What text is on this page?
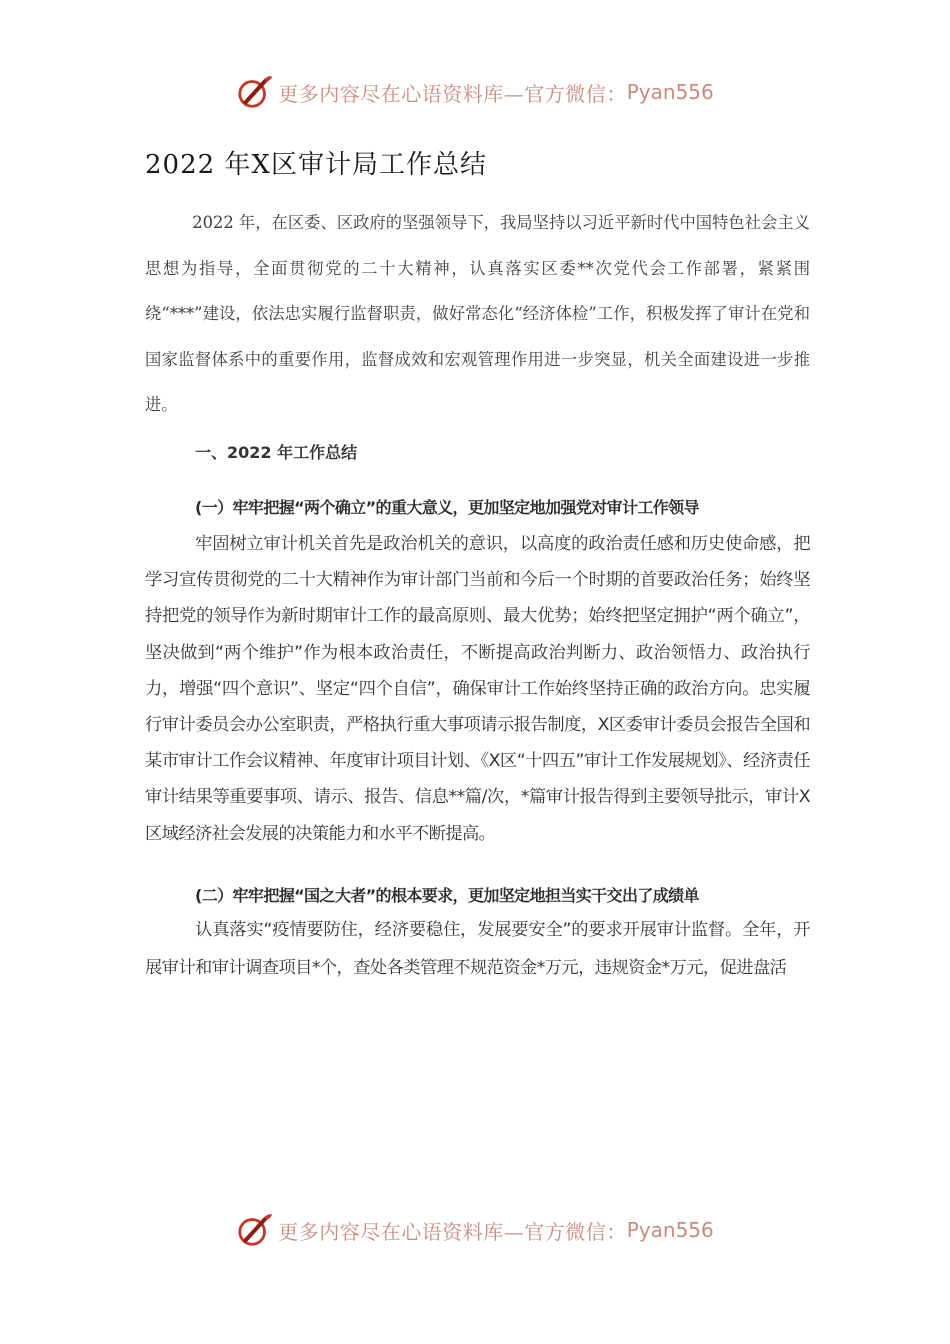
更多内容尽在心语资料库—官方微信： Pyan556
2022 年X区审计局工作总结

2022 年，在区委、区政府的坚强领导下，我局坚持以习近平新时代中国特色社会主义思想为指导，全面贯彻党的二十大精神，认真落实区委**次党代会工作部署，紧紧围绕“***”建设，依法忠实履行监督职责，做好常态化“经济体检”工作，积极发挥了审计在党和国家监督体系中的重要作用，监督成效和宏观管理作用进一步突显，机关全面建设进一步推进。

一、2022 年工作总结
(一）牢牢把握“两个确立”的重大意义，更加坚定地加强党对审计工作领导

牢固树立审计机关首先是政治机关的意识，以高度的政治责任感和历史使命感，把学习宣传贯彻党的二十大精神作为审计部门当前和今后一个时期的首要政治任务；始终坚持把党的领导作为新时期审计工作的最高原则、最大优势；始终把坚定拥护“两个确立”，坚决做到“两个维护”作为根本政治责任，不断提高政治判断力、政治领悟力、政治执行力，增强“四个意识”、坚定“四个自信”，确保审计工作始终坚持正确的政治方向。忠实履行审计委员会办公室职责，严格执行重大事项请示报告制度，X区委审计委员会报告全国和某市审计工作会议精神、年度审计项目计划、《X区“十四五”审计工作发展规划》、经济责任审计结果等重要事项、请示、报告、信息**篇/次，*篇审计报告得到主要领导批示，审计X区域经济社会发展的决策能力和水平不断提高。

(二）牢牢把握“国之大者”的根本要求，更加坚定地担当实干交出了成绩单

认真落实“疫情要防住，经济要稳住，发展要安全”的要求开展审计监督。全年，开展审计和审计调查项目*个，查处各类管理不规范资金*万元，违规资金*万元，促进盘活

更多内容尽在心语资料库—官方微信： Pyan556
